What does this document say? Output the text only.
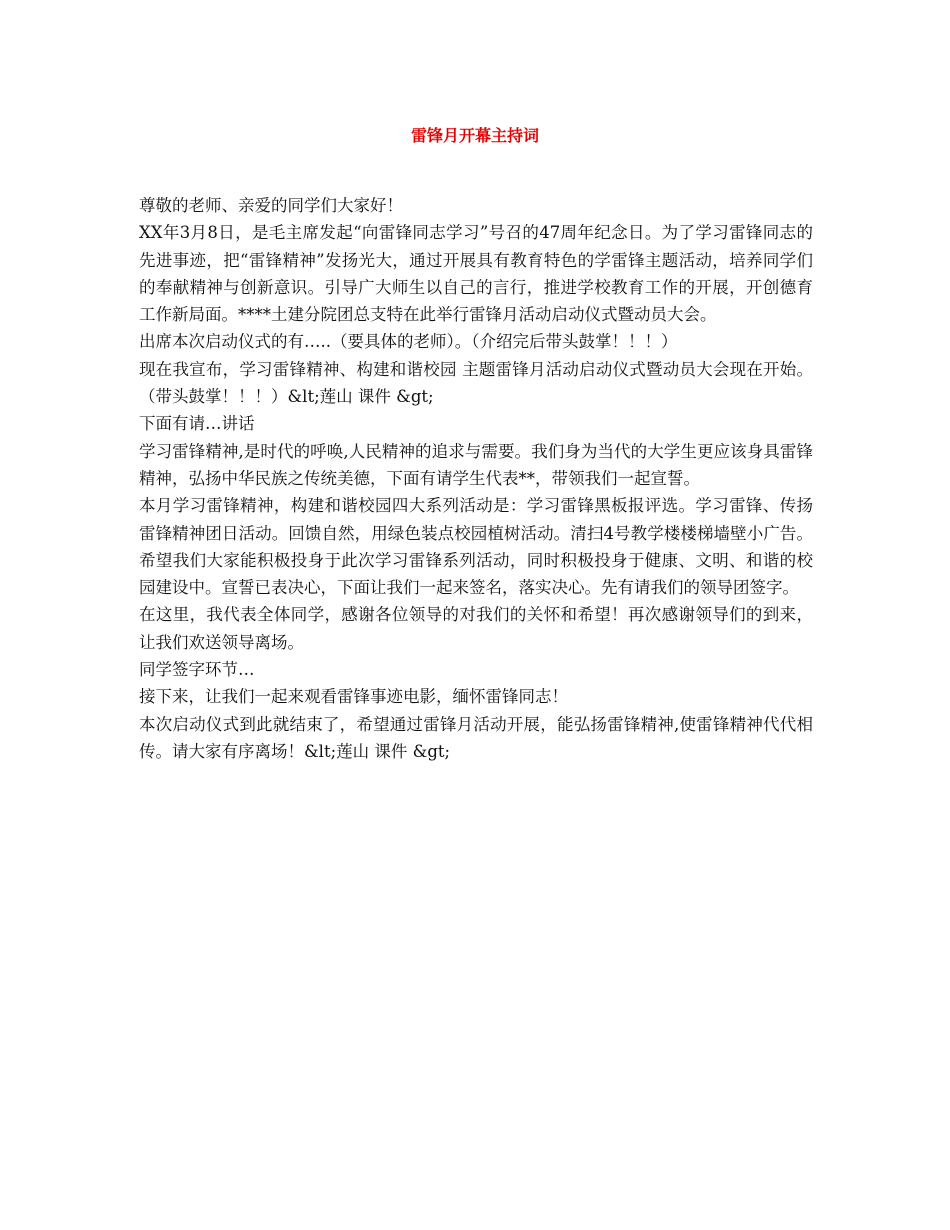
雷锋月开幕主持词

尊敬的老师、亲爱的同学们大家好！

XX年3月8日，是毛主席发起“向雷锋同志学习”号召的47周年纪念日。为了学习雷锋同志的先进事迹，把“雷锋精神”发扬光大，通过开展具有教育特色的学雷锋主题活动，培养同学们的奉献精神与创新意识。引导广大师生以自己的言行，推进学校教育工作的开展，开创德育工作新局面。****土建分院团总支特在此举行雷锋月活动启动仪式暨动员大会。

出席本次启动仪式的有…..（要具体的老师）。（介绍完后带头鼓掌！！！）

现在我宣布，学习雷锋精神、构建和谐校园 主题雷锋月活动启动仪式暨动员大会现在开始。（带头鼓掌！！！）&lt;莲山 课件 &gt;

下面有请…讲话

学习雷锋精神,是时代的呼唤,人民精神的追求与需要。我们身为当代的大学生更应该身具雷锋精神，弘扬中华民族之传统美德，下面有请学生代表**，带领我们一起宣誓。

本月学习雷锋精神，构建和谐校园四大系列活动是：学习雷锋黑板报评选。学习雷锋、传扬雷锋精神团日活动。回馈自然，用绿色装点校园植树活动。清扫4号教学楼楼梯墙壁小广告。希望我们大家能积极投身于此次学习雷锋系列活动，同时积极投身于健康、文明、和谐的校园建设中。宣誓已表决心，下面让我们一起来签名，落实决心。先有请我们的领导团签字。

在这里，我代表全体同学，感谢各位领导的对我们的关怀和希望！再次感谢领导们的到来，让我们欢送领导离场。

同学签字环节…

接下来，让我们一起来观看雷锋事迹电影，缅怀雷锋同志！

本次启动仪式到此就结束了，希望通过雷锋月活动开展，能弘扬雷锋精神,使雷锋精神代代相传。请大家有序离场！&lt;莲山 课件 &gt;
